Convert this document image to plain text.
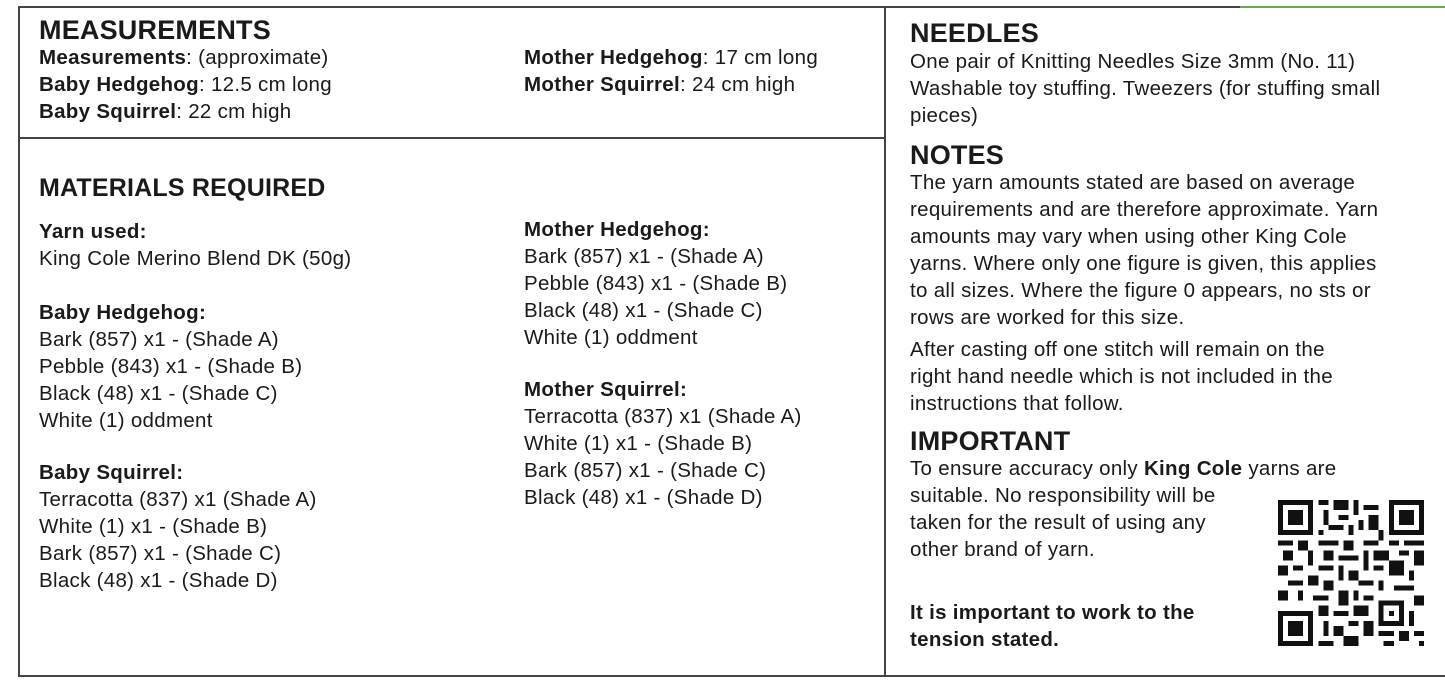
MEASUREMENTS
Measurements: (approximate)
Baby Hedgehog: 12.5 cm long
Baby Squirrel: 22 cm high
Mother Hedgehog: 17 cm long
Mother Squirrel: 24 cm high
MATERIALS REQUIRED
Yarn used:
King Cole Merino Blend DK (50g)
Baby Hedgehog:
Bark (857) x1 - (Shade A)
Pebble (843) x1 - (Shade B)
Black (48) x1 - (Shade C)
White (1) oddment
Baby Squirrel:
Terracotta (837) x1 (Shade A)
White (1) x1 - (Shade B)
Bark (857) x1 - (Shade C)
Black (48) x1 - (Shade D)
Mother Hedgehog:
Bark (857) x1 - (Shade A)
Pebble (843) x1 - (Shade B)
Black (48) x1 - (Shade C)
White (1) oddment
Mother Squirrel:
Terracotta (837) x1 (Shade A)
White (1) x1 - (Shade B)
Bark (857) x1 - (Shade C)
Black (48) x1 - (Shade D)
NEEDLES
One pair of Knitting Needles Size 3mm (No. 11)
Washable toy stuffing. Tweezers (for stuffing small
pieces)
NOTES
The yarn amounts stated are based on average
requirements and are therefore approximate. Yarn
amounts may vary when using other King Cole
yarns. Where only one figure is given, this applies
to all sizes. Where the figure 0 appears, no sts or
rows are worked for this size.
After casting off one stitch will remain on the
right hand needle which is not included in the
instructions that follow.
IMPORTANT
To ensure accuracy only King Cole yarns are
suitable. No responsibility will be
taken for the result of using any
other brand of yarn.
It is important to work to the
tension stated.
